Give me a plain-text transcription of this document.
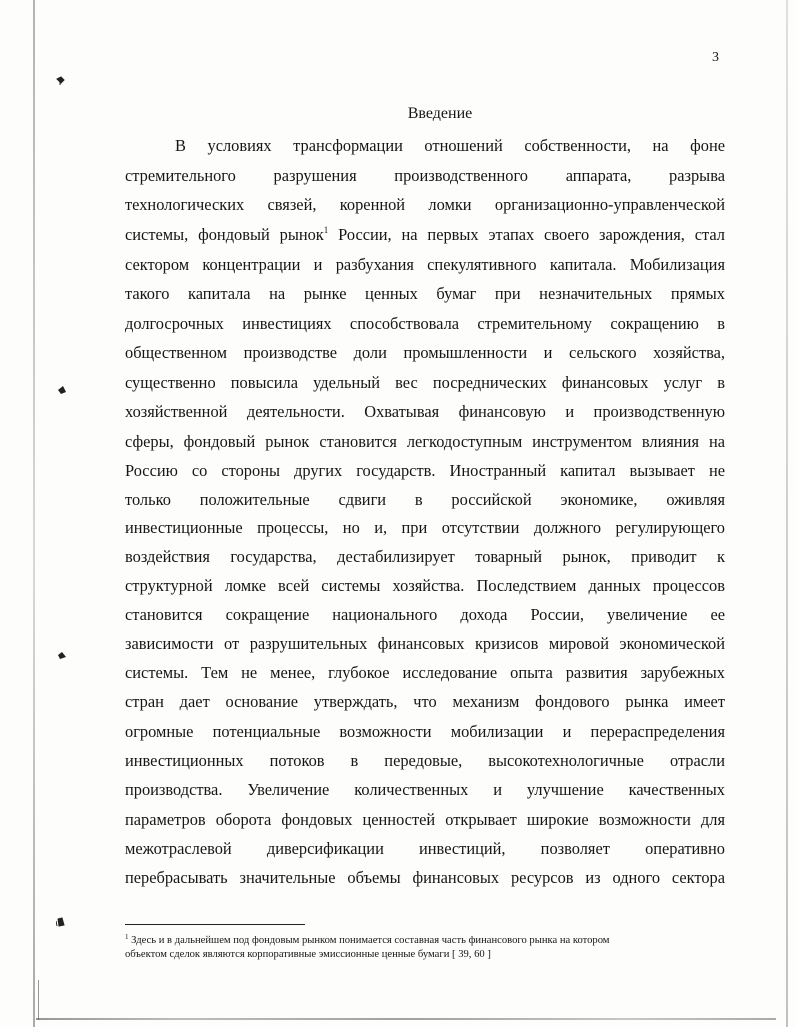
3

Введение

В условиях трансформации отношений собственности, на фоне

стремительного разрушения производственного аппарата, разрыва

технологических связей, коренной ломки организационно-управленческой

системы, фондовый рынок$^1$ России, на первых этапах своего зарождения, стал

сектором концентрации и разбухания спекулятивного капитала. Мобилизация

такого капитала на рынке ценных бумаг при незначительных прямых

долгосрочных инвестициях способствовала стремительному сокращению в

общественном производстве доли промышленности и сельского хозяйства,

существенно повысила удельный вес посреднических финансовых услуг в

хозяйственной деятельности. Охватывая финансовую и производственную

сферы, фондовый рынок становится легкодоступным инструментом влияния на

Россию со стороны других государств. Иностранный капитал вызывает не

только положительные сдвиги в российской экономике, оживляя

инвестиционные процессы, но и, при отсутствии должного регулирующего

воздействия государства, дестабилизирует товарный рынок, приводит к

структурной ломке всей системы хозяйства. Последствием данных процессов

становится сокращение национального дохода России, увеличение ее

зависимости от разрушительных финансовых кризисов мировой экономической

системы. Тем не менее, глубокое исследование опыта развития зарубежных

стран дает основание утверждать, что механизм фондового рынка имеет

огромные потенциальные возможности мобилизации и перераспределения

инвестиционных потоков в передовые, высокотехнологичные отрасли

производства. Увеличение количественных и улучшение качественных

параметров оборота фондовых ценностей открывает широкие возможности для

межотраслевой диверсификации инвестиций, позволяет оперативно

перебрасывать значительные объемы финансовых ресурсов из одного сектора

$^1$ Здесь и в дальнейшем под фондовым рынком понимается составная часть финансового рынка на котором

объектом сделок являются корпоративные эмиссионные ценные бумаги [ 39, 60 ]
